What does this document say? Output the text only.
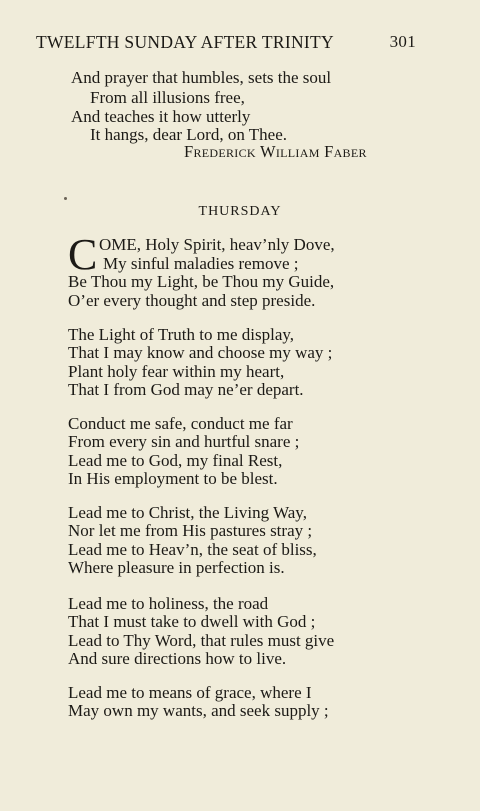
TWELFTH SUNDAY AFTER TRINITY	301
And prayer that humbles, sets the soul
From all illusions free,
And teaches it how utterly
It hangs, dear Lord, on Thee.
Frederick William Faber
THURSDAY
C OME, Holy Spirit, heav’nly Dove,
My sinful maladies remove ;
Be Thou my Light, be Thou my Guide,
O’er every thought and step preside.
The Light of Truth to me display,
That I may know and choose my way ;
Plant holy fear within my heart,
That I from God may ne’er depart.
Conduct me safe, conduct me far
From every sin and hurtful snare ;
Lead me to God, my final Rest,
In His employment to be blest.
Lead me to Christ, the Living Way,
Nor let me from His pastures stray ;
Lead me to Heav’n, the seat of bliss,
Where pleasure in perfection is.
Lead me to holiness, the road
That I must take to dwell with God ;
Lead to Thy Word, that rules must give
And sure directions how to live.
Lead me to means of grace, where I
May own my wants, and seek supply ;
